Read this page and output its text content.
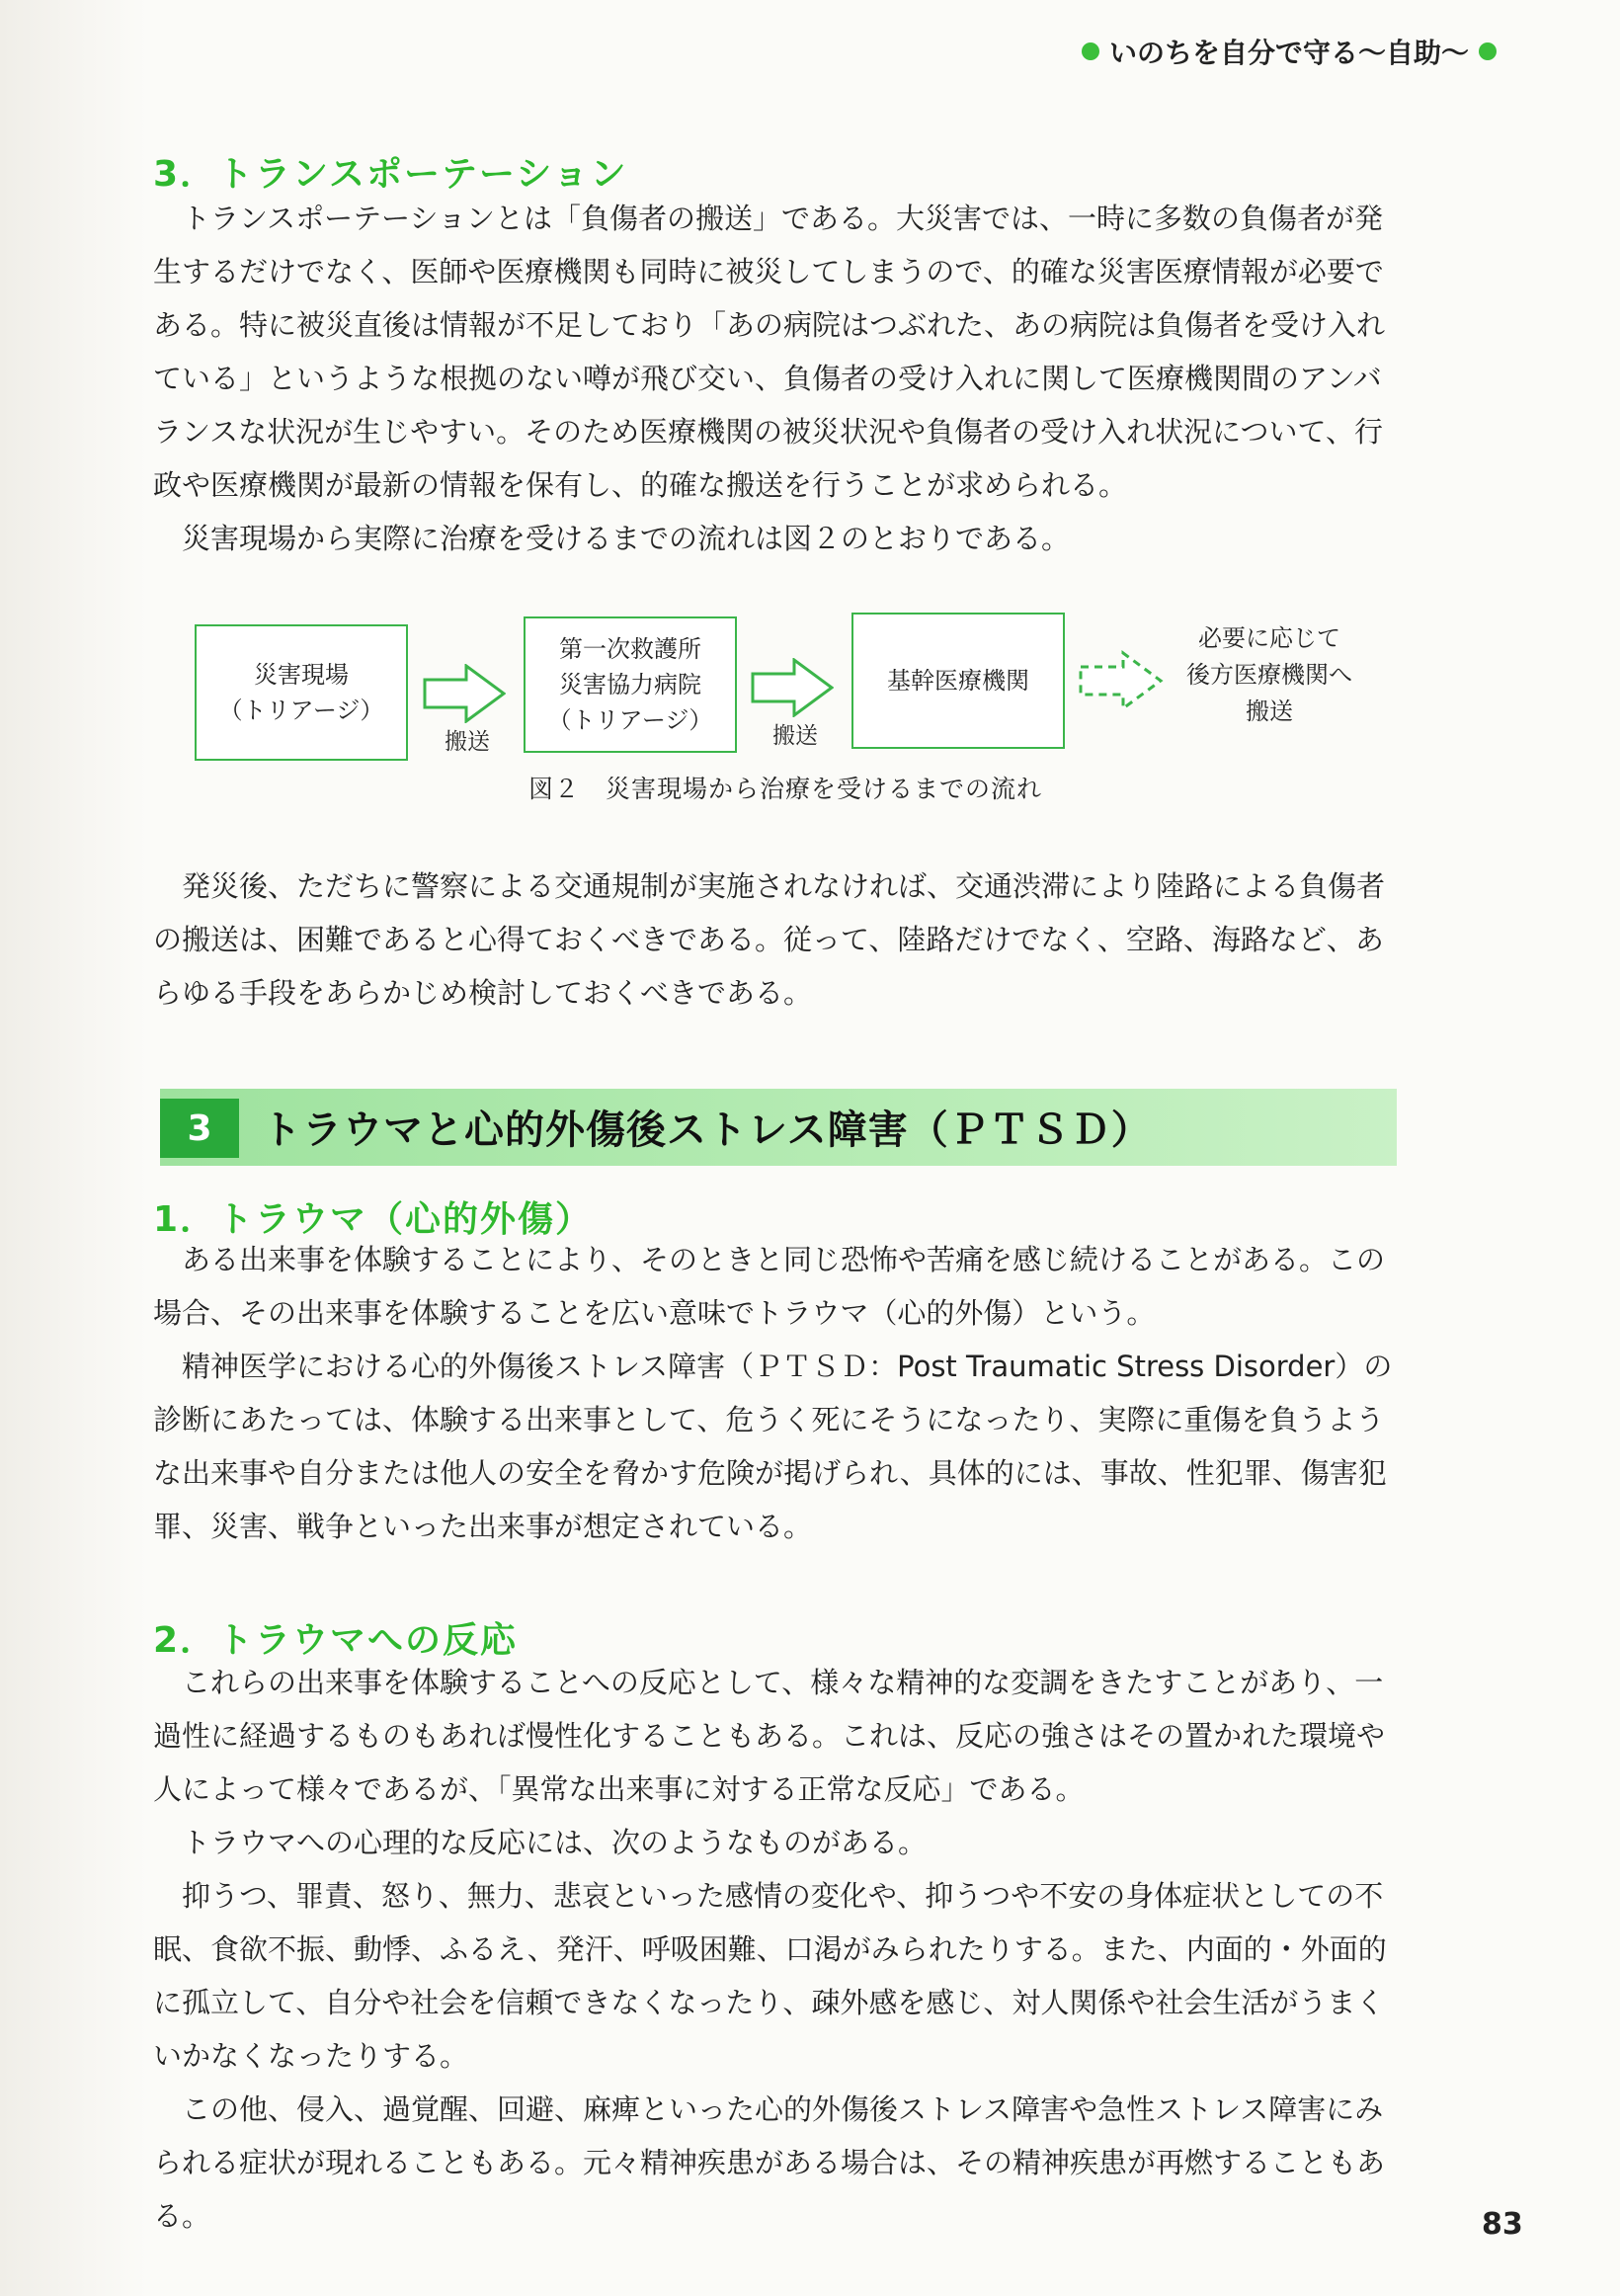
いのちを自分で守る〜自助〜
3．トランスポーテーション

トランスポーテーションとは「負傷者の搬送」である。大災害では、一時に多数の負傷者が発生するだけでなく、医師や医療機関も同時に被災してしまうので、的確な災害医療情報が必要である。特に被災直後は情報が不足しており「あの病院はつぶれた、あの病院は負傷者を受け入れている」というような根拠のない噂が飛び交い、負傷者の受け入れに関して医療機関間のアンバランスな状況が生じやすい。そのため医療機関の被災状況や負傷者の受け入れ状況について、行政や医療機関が最新の情報を保有し、的確な搬送を行うことが求められる。

災害現場から実際に治療を受けるまでの流れは図２のとおりである。

災害現場
（トリアージ）
搬送
第一次救護所
災害協力病院
（トリアージ）
搬送
基幹医療機関
必要に応じて
後方医療機関へ
搬送
図２　災害現場から治療を受けるまでの流れ

発災後、ただちに警察による交通規制が実施されなければ、交通渋滞により陸路による負傷者の搬送は、困難であると心得ておくべきである。従って、陸路だけでなく、空路、海路など、あらゆる手段をあらかじめ検討しておくべきである。

3	トラウマと心的外傷後ストレス障害（ＰＴＳＤ）
1．トラウマ（心的外傷）

ある出来事を体験することにより、そのときと同じ恐怖や苦痛を感じ続けることがある。この場合、その出来事を体験することを広い意味でトラウマ（心的外傷）という。

精神医学における心的外傷後ストレス障害（ＰＴＳＤ：Post Traumatic Stress Disorder）の診断にあたっては、体験する出来事として、危うく死にそうになったり、実際に重傷を負うような出来事や自分または他人の安全を脅かす危険が掲げられ、具体的には、事故、性犯罪、傷害犯罪、災害、戦争といった出来事が想定されている。

2．トラウマへの反応

これらの出来事を体験することへの反応として、様々な精神的な変調をきたすことがあり、一過性に経過するものもあれば慢性化することもある。これは、反応の強さはその置かれた環境や人によって様々であるが、「異常な出来事に対する正常な反応」である。

トラウマへの心理的な反応には、次のようなものがある。

抑うつ、罪責、怒り、無力、悲哀といった感情の変化や、抑うつや不安の身体症状としての不眠、食欲不振、動悸、ふるえ、発汗、呼吸困難、口渇がみられたりする。また、内面的・外面的に孤立して、自分や社会を信頼できなくなったり、疎外感を感じ、対人関係や社会生活がうまくいかなくなったりする。

この他、侵入、過覚醒、回避、麻痺といった心的外傷後ストレス障害や急性ストレス障害にみられる症状が現れることもある。元々精神疾患がある場合は、その精神疾患が再燃することもある。	83
